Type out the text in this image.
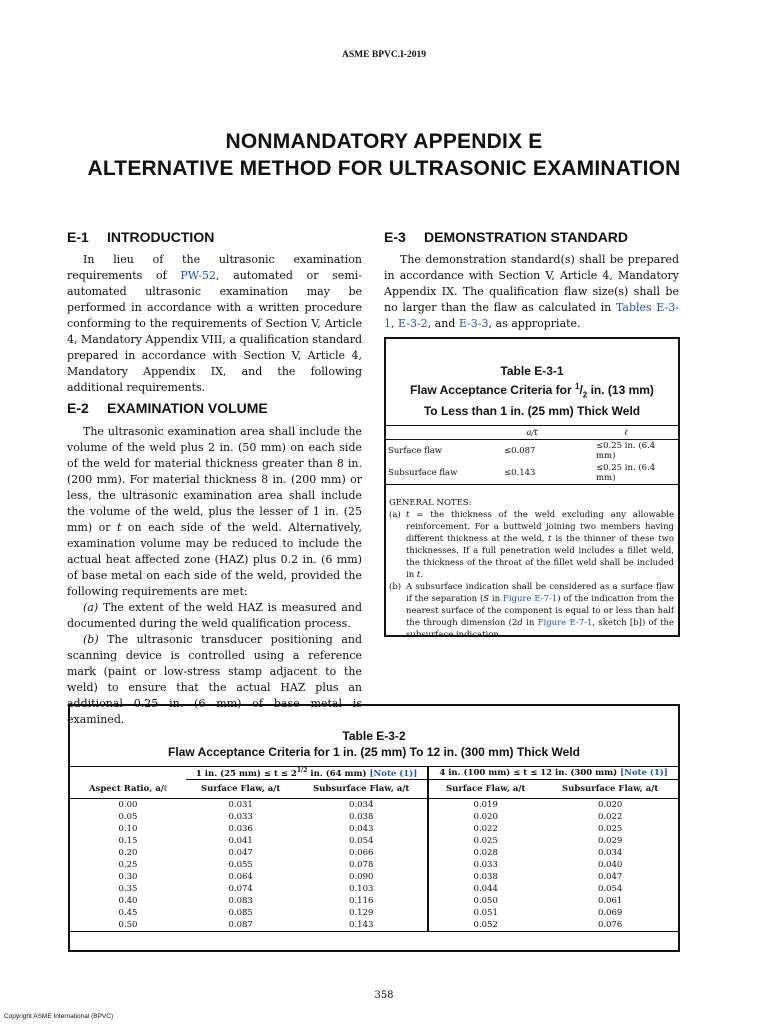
ASME BPVC.I-2019
NONMANDATORY APPENDIX E
ALTERNATIVE METHOD FOR ULTRASONIC EXAMINATION
E-1 INTRODUCTION

In lieu of the ultrasonic examination requirements of PW-52, automated or semi-automated ultrasonic examination may be performed in accordance with a written procedure conforming to the requirements of Section V, Article 4, Mandatory Appendix VIII, a qualification standard prepared in accordance with Section V, Article 4, Mandatory Appendix IX, and the following additional requirements.

E-2 EXAMINATION VOLUME

The ultrasonic examination area shall include the volume of the weld plus 2 in. (50 mm) on each side of the weld for material thickness greater than 8 in. (200 mm). For material thickness 8 in. (200 mm) or less, the ultrasonic examination area shall include the volume of the weld, plus the lesser of 1 in. (25 mm) or t on each side of the weld. Alternatively, examination volume may be reduced to include the actual heat affected zone (HAZ) plus 0.2 in. (6 mm) of base metal on each side of the weld, provided the following requirements are met:

(a) The extent of the weld HAZ is measured and documented during the weld qualification process.

(b) The ultrasonic transducer positioning and scanning device is controlled using a reference mark (paint or low-stress stamp adjacent to the weld) to ensure that the actual HAZ plus an additional 0.25 in. (6 mm) of base metal is examined.

E-3 DEMONSTRATION STANDARD

The demonstration standard(s) shall be prepared in accordance with Section V, Article 4, Mandatory Appendix IX. The qualification flaw size(s) shall be no larger than the flaw as calculated in Tables E-3-1, E-3-2, and E-3-3, as appropriate.

Table E-3-1
Flaw Acceptance Criteria for $^1/_2$ in. (13 mm)
To Less than 1 in. (25 mm) Thick Weld
	a/t	ℓ
Surface flaw	≤0.087	≤0.25 in. (6.4 mm)
Subsurface flaw	≤0.143	≤0.25 in. (6.4 mm)
GENERAL NOTES:
(a) t = the thickness of the weld excluding any allowable reinforcement. For a buttweld joining two members having different thickness at the weld, t is the thinner of these two thicknesses. If a full penetration weld includes a fillet weld, the thickness of the throat of the fillet weld shall be included in t.
(b) A subsurface indication shall be considered as a surface flaw if the separation (S in Figure E-7-1) of the indication from the nearest surface of the component is equal to or less than half the through dimension (2d in Figure E-7-1, sketch [b]) of the subsurface indication.
Table E-3-2
Flaw Acceptance Criteria for 1 in. (25 mm) To 12 in. (300 mm) Thick Weld
	1 in. (25 $mm) \le t \le 2^{1/2}$ in. (64 mm) [Note (1)]		4 in. (100 mm) ≤ t ≤ 12 in. (300 mm) [Note (1)]	
Aspect Ratio, a/ℓ	Surface Flaw, a/t	Subsurface Flaw, a/t	Surface Flaw, a/t	Subsurface Flaw, a/t
0.00	0.031	0.034	0.019	0.020
0.05	0.033	0.038	0.020	0.022
0.10	0.036	0.043	0.022	0.025
0.15	0.041	0.054	0.025	0.029
0.20	0.047	0.066	0.028	0.034
0.25	0.055	0.078	0.033	0.040
0.30	0.064	0.090	0.038	0.047
0.35	0.074	0.103	0.044	0.054
0.40	0.083	0.116	0.050	0.061
0.45	0.085	0.129	0.051	0.069
0.50	0.087	0.143	0.052	0.076
358
Copyright ASME International (BPVC)
